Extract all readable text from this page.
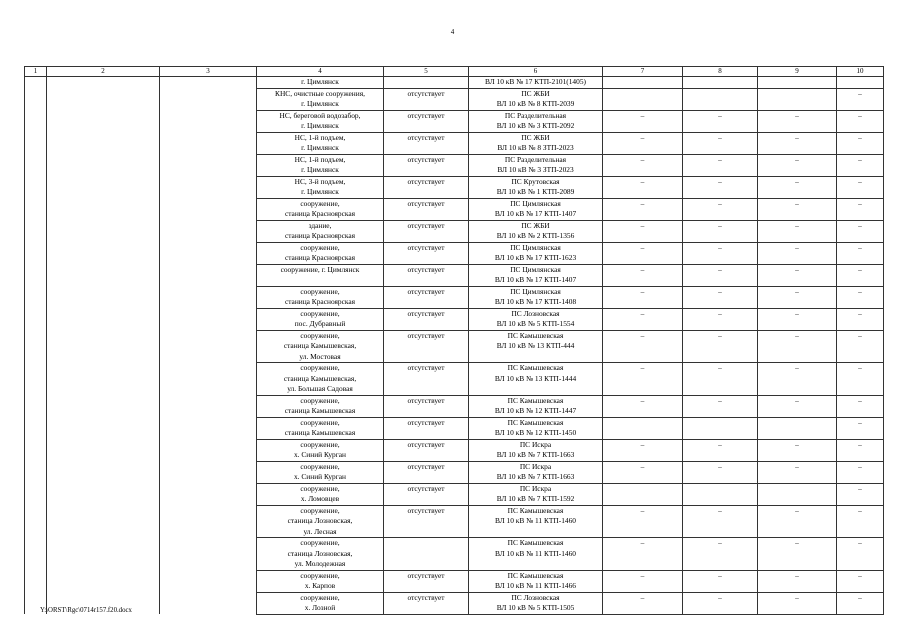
4
1	2	3	4	5	6	7	8	9	10

			г. Цимлянск		ВЛ 10 кВ № 17 КТП-2101(1405)				

			КНС, очистные сооружения,
г. Цимлянск	отсутствует	ПС ЖБИ
ВЛ 10 кВ № 8 КТП-2039				–

			НС, береговой водозабор,
г. Цимлянск	отсутствует	ПС Разделительная
ВЛ 10 кВ № 3 КТП-2092	–	–	–	–

			НС, 1-й подъем,
г. Цимлянск	отсутствует	ПС ЖБИ
ВЛ 10 кВ № 8 ЗТП-2023	–	–	–	–

			НС, 1-й подъем,
г. Цимлянск	отсутствует	ПС Разделительная
ВЛ 10 кВ № 3 ЗТП-2023	–	–	–	–

			НС, 3-й подъем,
г. Цимлянск	отсутствует	ПС Крутовская
ВЛ 10 кВ № 1 КТП-2089	–	–	–	–

			сооружение,
станица Красноярская	отсутствует	ПС Цимлянская
ВЛ 10 кВ № 17 КТП-1407	–	–	–	–

			здание,
станица Красноярская	отсутствует	ПС ЖБИ
ВЛ 10 кВ № 2 КТП-1356	–	–	–	–

			сооружение,
станица Красноярская	отсутствует	ПС Цимлянская
ВЛ 10 кВ № 17 КТП-1623	–	–	–	–

			сооружение, г. Цимлянск	отсутствует	ПС Цимлянская
ВЛ 10 кВ № 17 КТП-1407	–	–	–	–

			сооружение,
станица Красноярская	отсутствует	ПС Цимлянская
ВЛ 10 кВ № 17 КТП-1408	–	–	–	–

			сооружение,
пос. Дубравный	отсутствует	ПС Лозновская
ВЛ 10 кВ № 5 КТП-1554	–	–	–	–

			сооружение,
станица Камышевская,
ул. Мостовая	отсутствует	ПС Камышевская
ВЛ 10 кВ № 13 КТП-444	–	–	–	–

			сооружение,
станица Камышевская,
ул. Большая Садовая	отсутствует	ПС Камышевская
ВЛ 10 кВ № 13 КТП-1444	–	–	–	–

			сооружение,
станица Камышевская	отсутствует	ПС Камышевская
ВЛ 10 кВ № 12 КТП-1447	–	–	–	–

			сооружение,
станица Камышевская	отсутствует	ПС Камышевская
ВЛ 10 кВ № 12 КТП-1450				–

			сооружение,
х. Синий Курган	отсутствует	ПС Искра
ВЛ 10 кВ № 7 КТП-1663	–	–	–	–

			сооружение,
х. Синий Курган	отсутствует	ПС Искра
ВЛ 10 кВ № 7 КТП-1663	–	–	–	–

			сооружение,
х. Ломовцев	отсутствует	ПС Искра
ВЛ 10 кВ № 7 КТП-1592				–

			сооружение,
станица Лозновская,
ул. Лесная	отсутствует	ПС Камышевская
ВЛ 10 кВ № 11 КТП-1460	–	–	–	–

			сооружение,
станица Лозновская,
ул. Молодежная		ПС Камышевская
ВЛ 10 кВ № 11 КТП-1460	–	–	–	–

			сооружение,
х. Карпов	отсутствует	ПС Камышевская
ВЛ 10 кВ № 11 КТП-1466	–	–	–	–

			сооружение,
х. Лозной	отсутствует	ПС Лозновская
ВЛ 10 кВ № 5 КТП-1505	–	–	–	–
Y:\ORST\Rgc\0714r157.f20.docx
